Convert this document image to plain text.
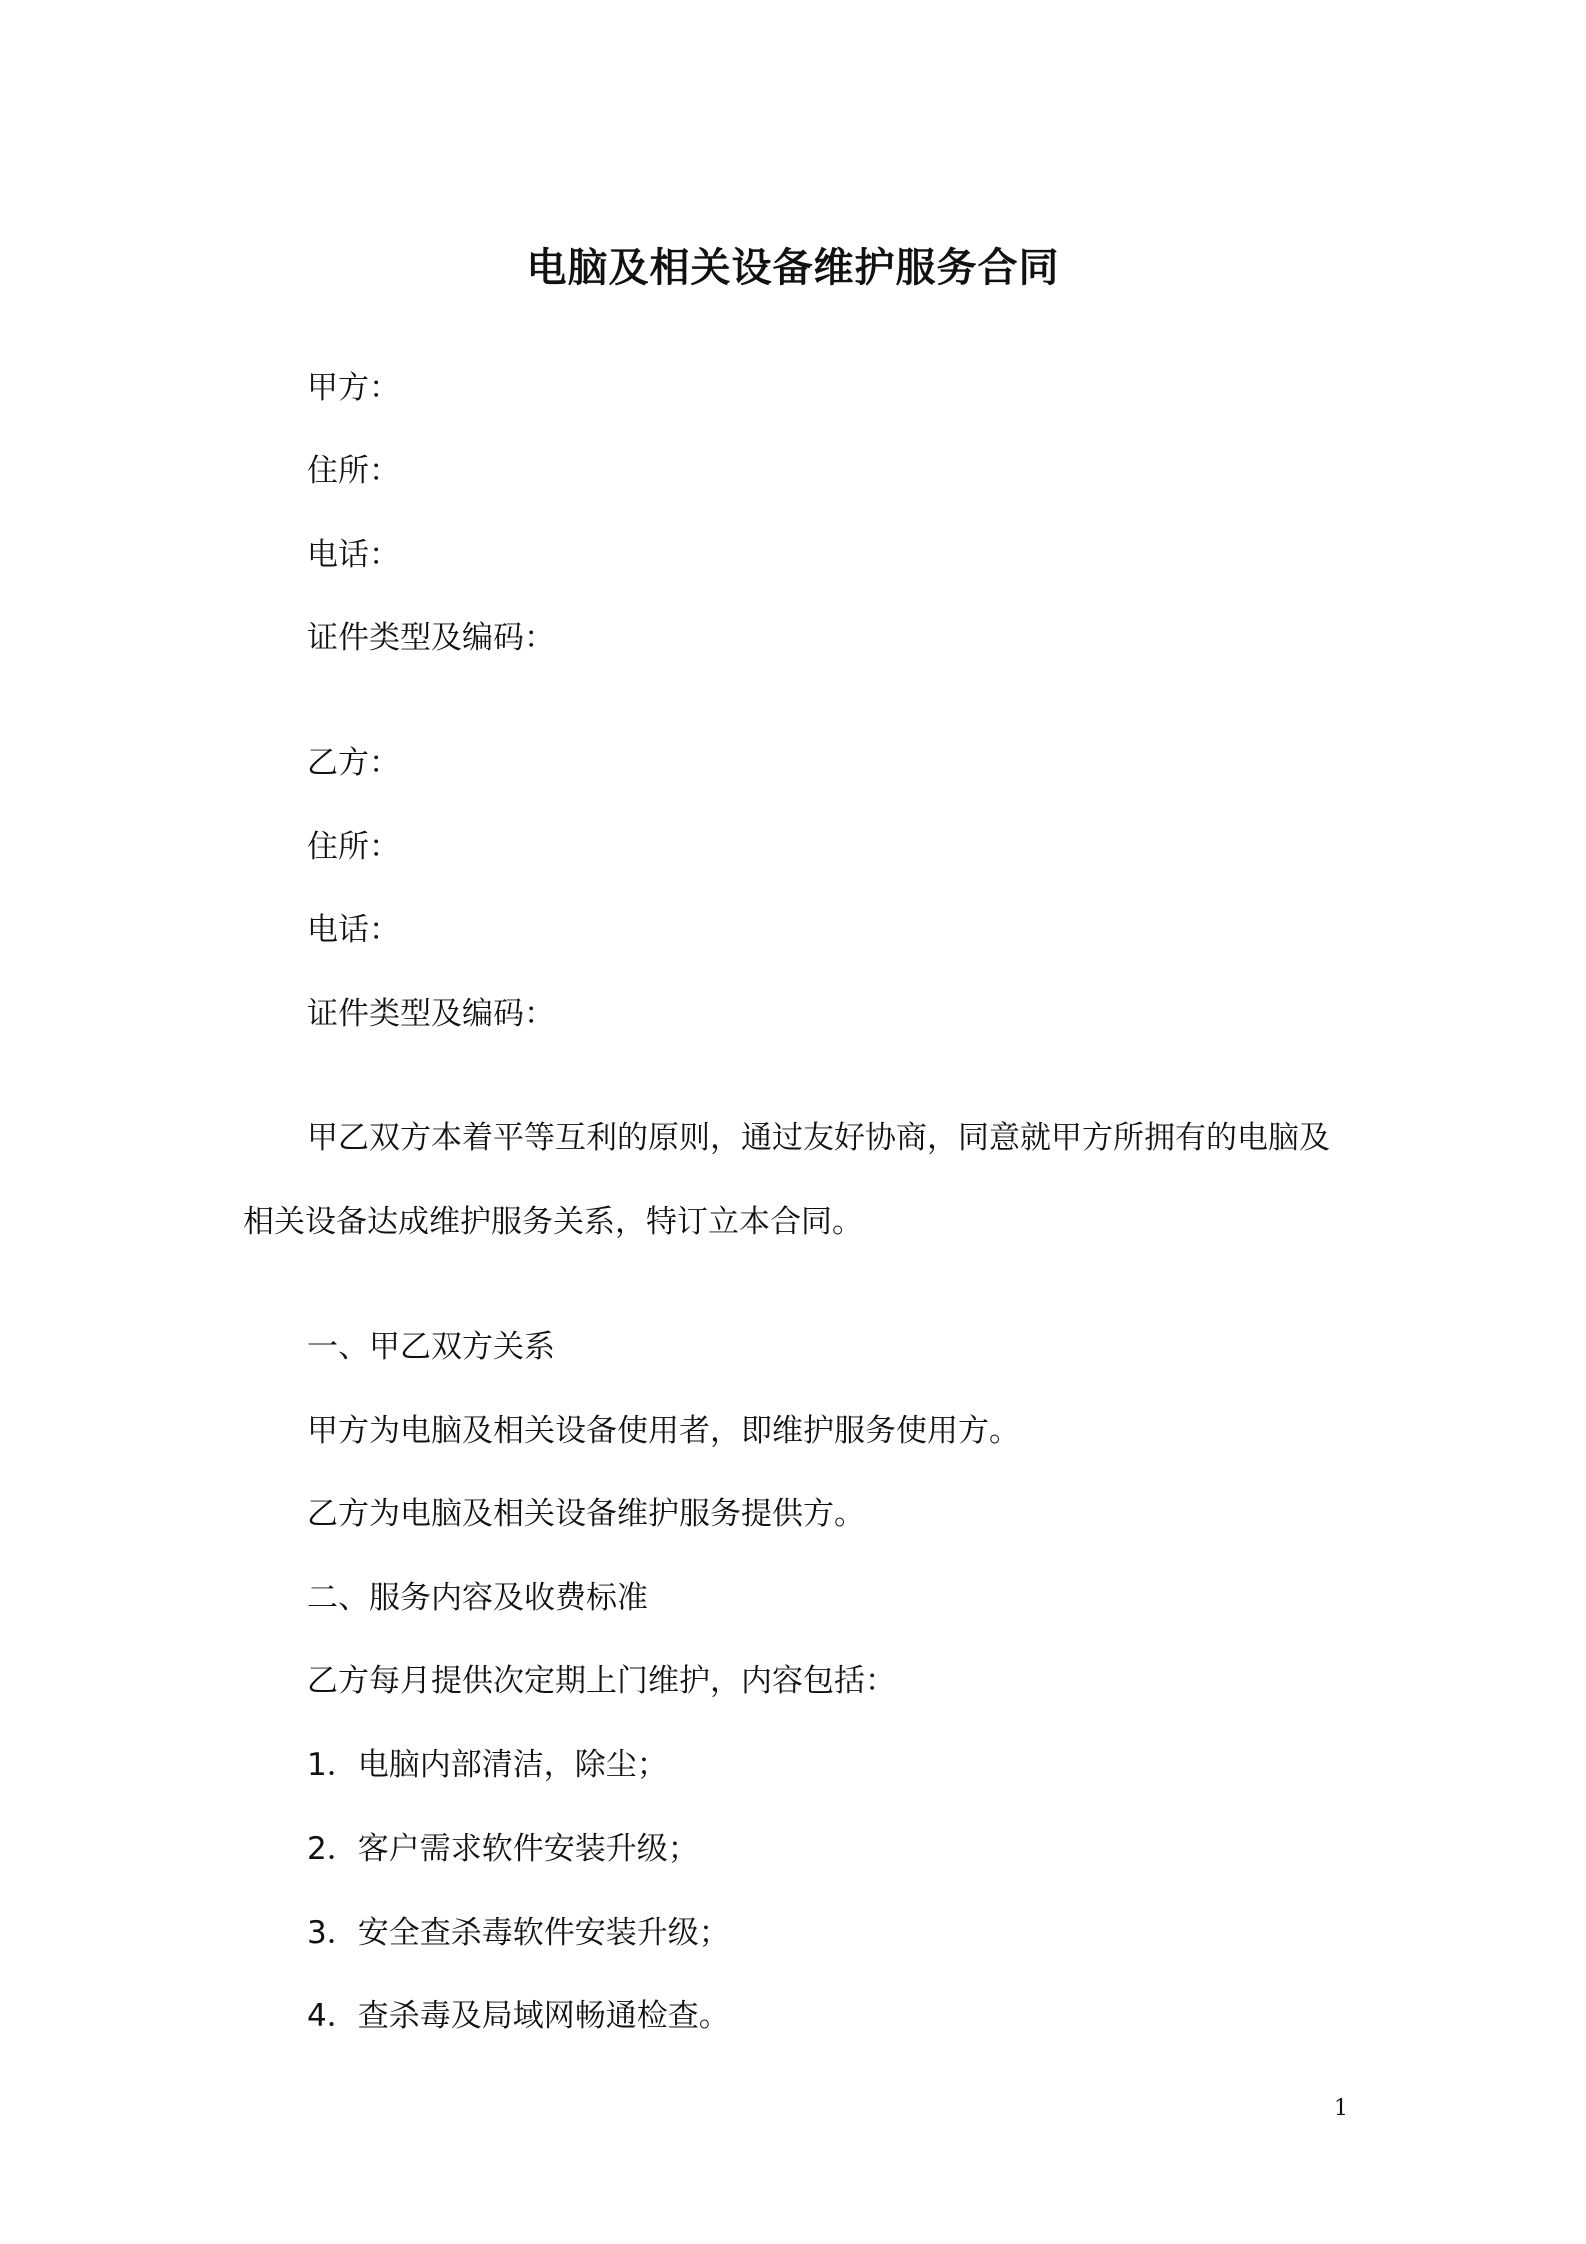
电脑及相关设备维护服务合同

甲方：

住所：

电话：

证件类型及编码：

乙方：

住所：

电话：

证件类型及编码：

甲乙双方本着平等互利的原则，通过友好协商，同意就甲方所拥有的电脑及
相关设备达成维护服务关系，特订立本合同。

一、甲乙双方关系

甲方为电脑及相关设备使用者，即维护服务使用方。

乙方为电脑及相关设备维护服务提供方。

二、服务内容及收费标准

乙方每月提供次定期上门维护，内容包括：

1．电脑内部清洁，除尘；

2．客户需求软件安装升级；

3．安全查杀毒软件安装升级；

4．查杀毒及局域网畅通检查。

1
